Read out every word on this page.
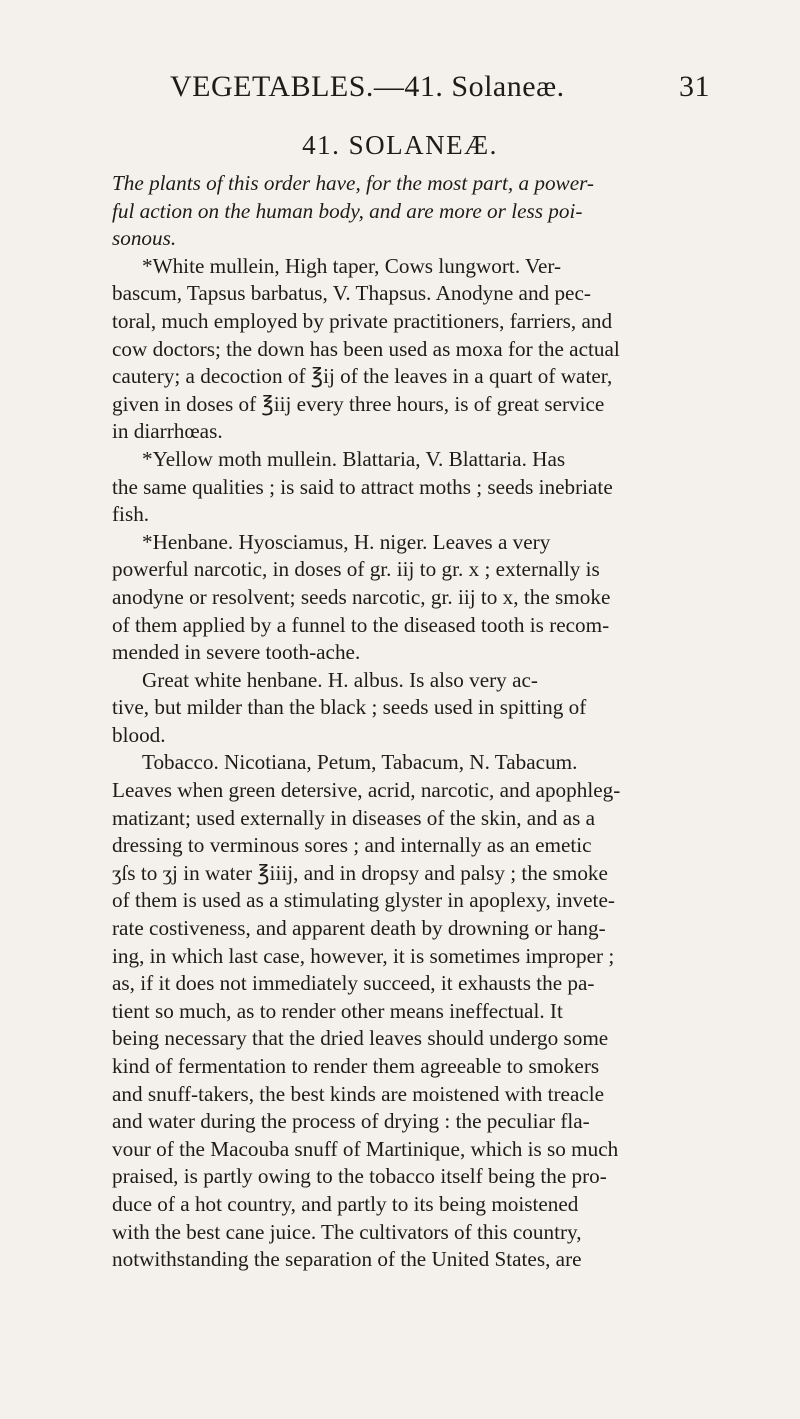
VEGETABLES.—41. Solaneæ.	31
41. SOLANEÆ.
The plants of this order have, for the most part, a power-
ful action on the human body, and are more or less poi-
sonous.
*White mullein, High taper, Cows lungwort. Ver-
bascum, Tapsus barbatus, V. Thapsus. Anodyne and pec-
toral, much employed by private practitioners, farriers, and
cow doctors; the down has been used as moxa for the actual
cautery; a decoction of ℥ij of the leaves in a quart of water,
given in doses of ℥iij every three hours, is of great service
in diarrhœas.
*Yellow moth mullein. Blattaria, V. Blattaria. Has
the same qualities ; is said to attract moths ; seeds inebriate
fish.
*Henbane. Hyosciamus, H. niger. Leaves a very
powerful narcotic, in doses of gr. iij to gr. x ; externally is
anodyne or resolvent; seeds narcotic, gr. iij to x, the smoke
of them applied by a funnel to the diseased tooth is recom-
mended in severe tooth-ache.
Great white henbane. H. albus. Is also very ac-
tive, but milder than the black ; seeds used in spitting of
blood.
Tobacco. Nicotiana, Petum, Tabacum, N. Tabacum.
Leaves when green detersive, acrid, narcotic, and apophleg-
matizant; used externally in diseases of the skin, and as a
dressing to verminous sores ; and internally as an emetic
ʒſs to ʒj in water ℥iiij, and in dropsy and palsy ; the smoke
of them is used as a stimulating glyster in apoplexy, invete-
rate costiveness, and apparent death by drowning or hang-
ing, in which last case, however, it is sometimes improper ;
as, if it does not immediately succeed, it exhausts the pa-
tient so much, as to render other means ineffectual. It
being necessary that the dried leaves should undergo some
kind of fermentation to render them agreeable to smokers
and snuff-takers, the best kinds are moistened with treacle
and water during the process of drying : the peculiar fla-
vour of the Macouba snuff of Martinique, which is so much
praised, is partly owing to the tobacco itself being the pro-
duce of a hot country, and partly to its being moistened
with the best cane juice. The cultivators of this country,
notwithstanding the separation of the United States, are
